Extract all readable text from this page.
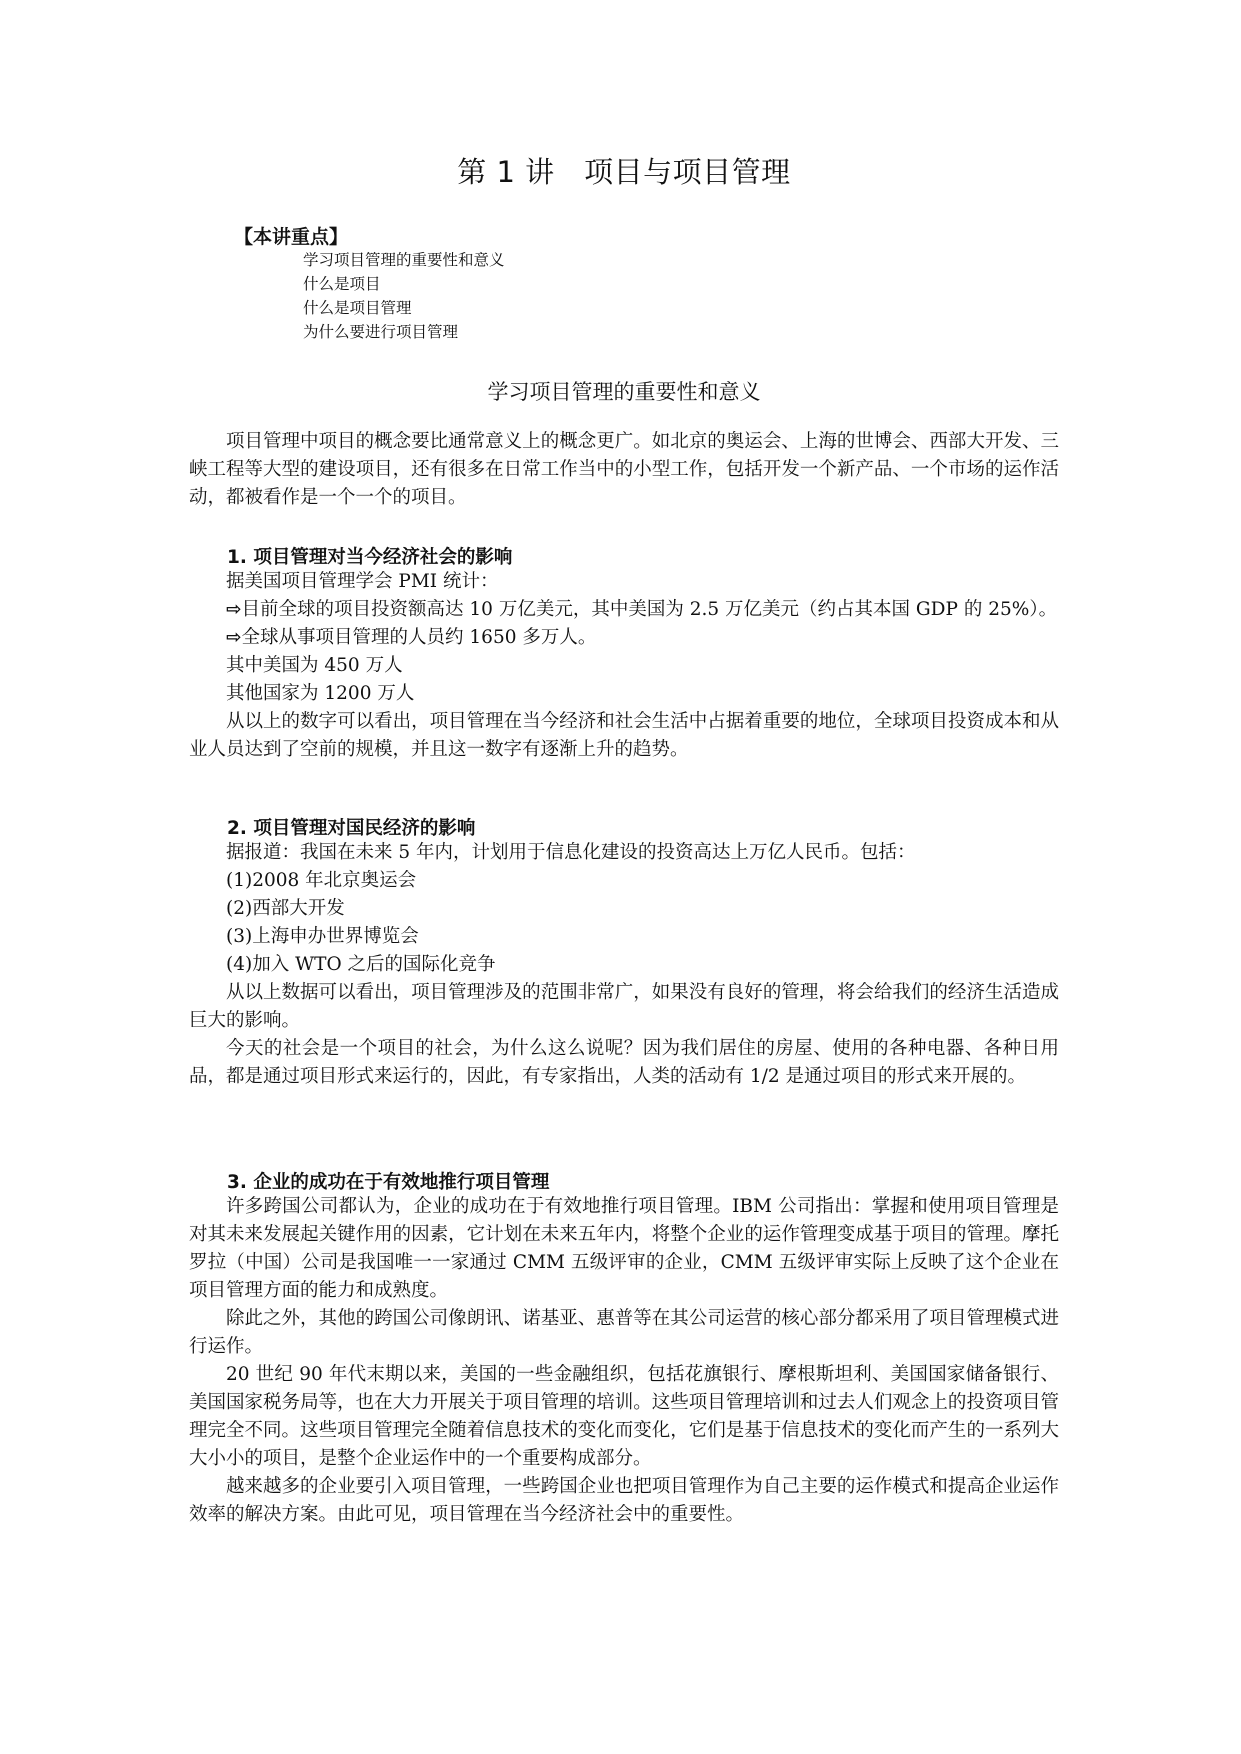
第 1 讲　项目与项目管理
【本讲重点】
学习项目管理的重要性和意义
什么是项目
什么是项目管理
为什么要进行项目管理
学习项目管理的重要性和意义

项目管理中项目的概念要比通常意义上的概念更广。如北京的奥运会、上海的世博会、西部大开发、三峡工程等大型的建设项目，还有很多在日常工作当中的小型工作，包括开发一个新产品、一个市场的运作活动，都被看作是一个一个的项目。

1. 项目管理对当今经济社会的影响

据美国项目管理学会 PMI 统计：

⇨目前全球的项目投资额高达 10 万亿美元，其中美国为 2.5 万亿美元（约占其本国 GDP 的 25%）。

⇨全球从事项目管理的人员约 1650 多万人。

其中美国为 450 万人

其他国家为 1200 万人

从以上的数字可以看出，项目管理在当今经济和社会生活中占据着重要的地位，全球项目投资成本和从业人员达到了空前的规模，并且这一数字有逐渐上升的趋势。

2. 项目管理对国民经济的影响

据报道：我国在未来 5 年内，计划用于信息化建设的投资高达上万亿人民币。包括：

(1)2008 年北京奥运会

(2)西部大开发

(3)上海申办世界博览会

(4)加入 WTO 之后的国际化竞争

从以上数据可以看出，项目管理涉及的范围非常广，如果没有良好的管理，将会给我们的经济生活造成巨大的影响。

今天的社会是一个项目的社会，为什么这么说呢？因为我们居住的房屋、使用的各种电器、各种日用品，都是通过项目形式来运行的，因此，有专家指出，人类的活动有 1/2 是通过项目的形式来开展的。

3. 企业的成功在于有效地推行项目管理

许多跨国公司都认为，企业的成功在于有效地推行项目管理。IBM 公司指出：掌握和使用项目管理是对其未来发展起关键作用的因素，它计划在未来五年内，将整个企业的运作管理变成基于项目的管理。摩托罗拉（中国）公司是我国唯一一家通过 CMM 五级评审的企业，CMM 五级评审实际上反映了这个企业在项目管理方面的能力和成熟度。

除此之外，其他的跨国公司像朗讯、诺基亚、惠普等在其公司运营的核心部分都采用了项目管理模式进行运作。

20 世纪 90 年代末期以来，美国的一些金融组织，包括花旗银行、摩根斯坦利、美国国家储备银行、美国国家税务局等，也在大力开展关于项目管理的培训。这些项目管理培训和过去人们观念上的投资项目管理完全不同。这些项目管理完全随着信息技术的变化而变化，它们是基于信息技术的变化而产生的一系列大大小小的项目，是整个企业运作中的一个重要构成部分。

越来越多的企业要引入项目管理，一些跨国企业也把项目管理作为自己主要的运作模式和提高企业运作效率的解决方案。由此可见，项目管理在当今经济社会中的重要性。
